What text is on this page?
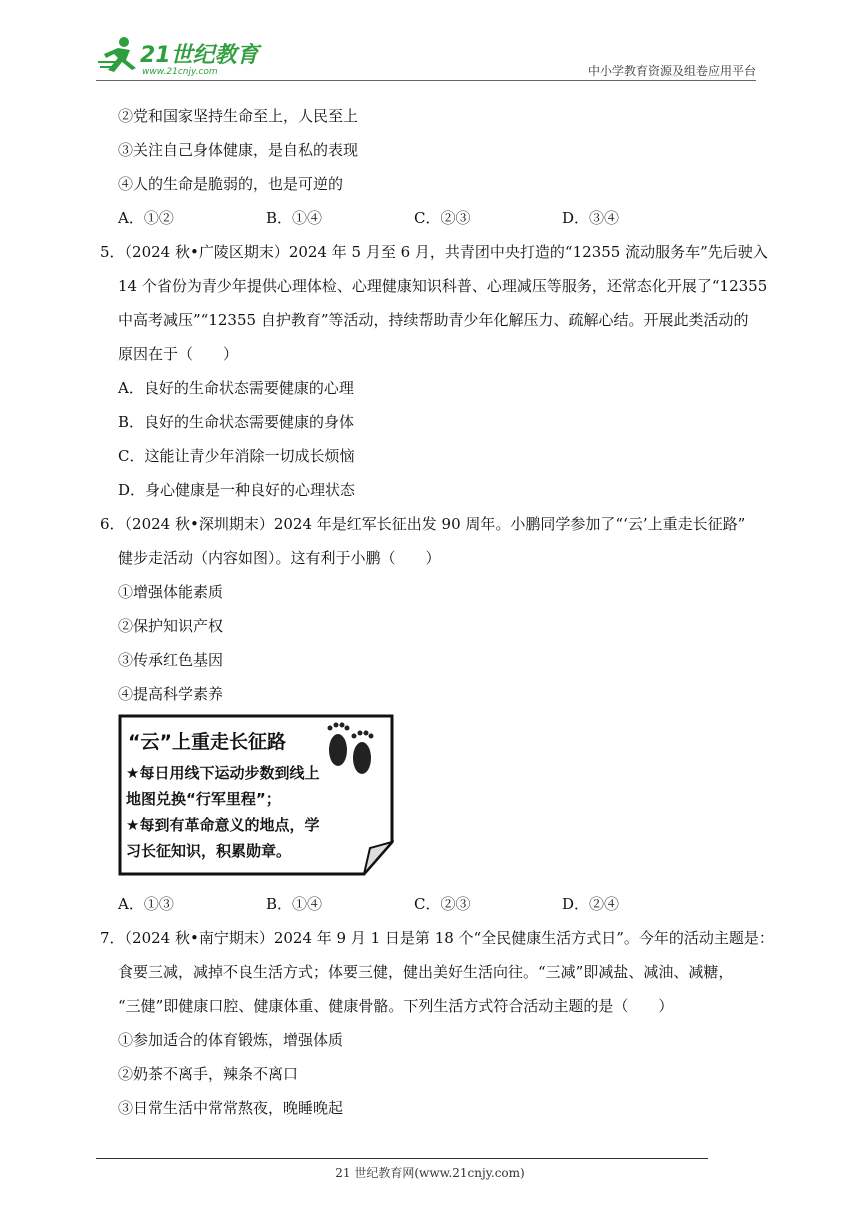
21世纪教育
www.21cnjy.com	中小学教育资源及组卷应用平台
②党和国家坚持生命至上，人民至上
③关注自己身体健康，是自私的表现
④人的生命是脆弱的，也是可逆的
A．①②	B．①④	C．②③	D．③④
5．（2024 秋•广陵区期末）2024 年 5 月至 6 月，共青团中央打造的“12355 流动服务车”先后驶入
14 个省份为青少年提供心理体检、心理健康知识科普、心理减压等服务，还常态化开展了“12355
中高考减压”“12355 自护教育”等活动，持续帮助青少年化解压力、疏解心结。开展此类活动的
原因在于（　　）
A．良好的生命状态需要健康的心理
B．良好的生命状态需要健康的身体
C．这能让青少年消除一切成长烦恼
D．身心健康是一种良好的心理状态
6．（2024 秋•深圳期末）2024 年是红军长征出发 90 周年。小鹏同学参加了“‘云’上重走长征路”
健步走活动（内容如图）。这有利于小鹏（　　）
①增强体能素质
②保护知识产权
③传承红色基因
④提高科学素养
“云”上重走长征路
★每日用线下运动步数到线上
地图兑换“行军里程”；
★每到有革命意义的地点，学
习长征知识，积累勋章。
A．①③	B．①④	C．②③	D．②④
7．（2024 秋•南宁期末）2024 年 9 月 1 日是第 18 个“全民健康生活方式日”。今年的活动主题是：
食要三减，减掉不良生活方式；体要三健，健出美好生活向往。“三减”即减盐、减油、减糖，
“三健”即健康口腔、健康体重、健康骨骼。下列生活方式符合活动主题的是（　　）
①参加适合的体育锻炼，增强体质
②奶茶不离手，辣条不离口
③日常生活中常常熬夜，晚睡晚起
21 世纪教育网(www.21cnjy.com)
